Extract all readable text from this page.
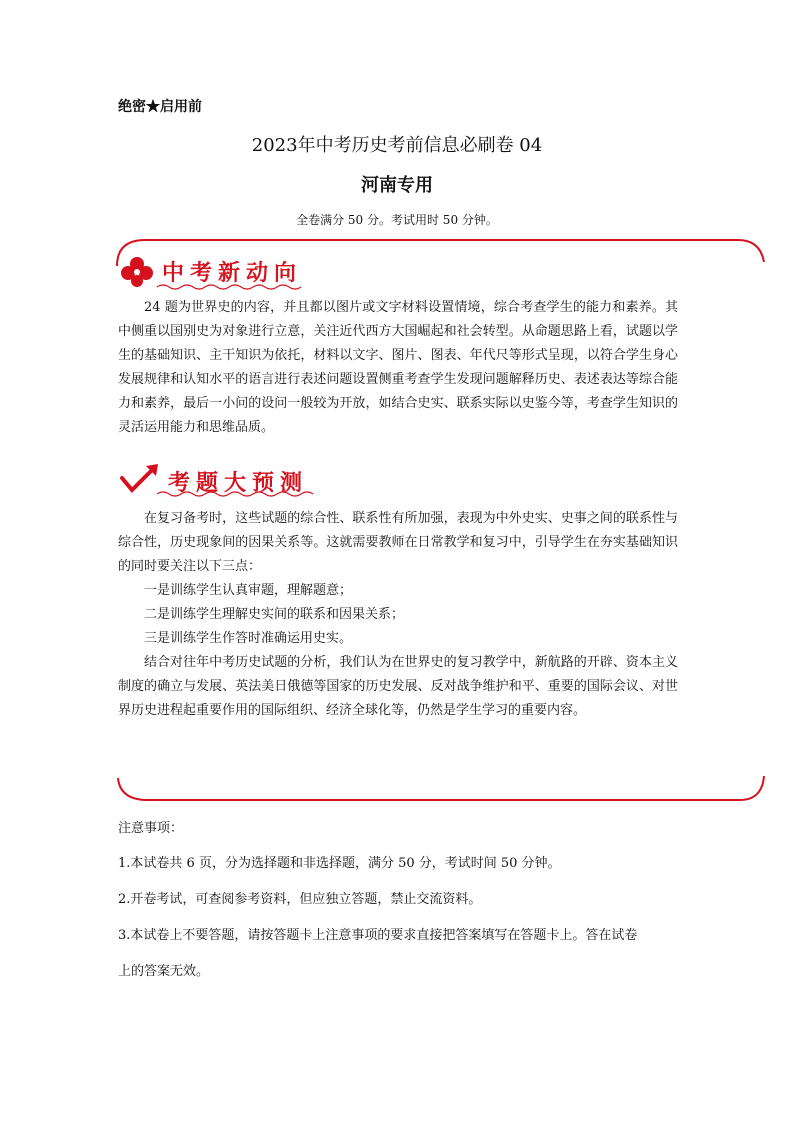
绝密★启用前
2023年中考历史考前信息必刷卷 04
河南专用
全卷满分 50 分。考试用时 50 分钟。
中考新动向

24 题为世界史的内容，并且都以图片或文字材料设置情境，综合考查学生的能力和素养。其中侧重以国别史为对象进行立意，关注近代西方大国崛起和社会转型。从命题思路上看，试题以学生的基础知识、主干知识为依托，材料以文字、图片、图表、年代尺等形式呈现，以符合学生身心发展规律和认知水平的语言进行表述问题设置侧重考查学生发现问题解释历史、表述表达等综合能力和素养，最后一小问的设问一般较为开放，如结合史实、联系实际以史鉴今等，考查学生知识的灵活运用能力和思维品质。

考题大预测

在复习备考时，这些试题的综合性、联系性有所加强，表现为中外史实、史事之间的联系性与综合性，历史现象间的因果关系等。这就需要教师在日常教学和复习中，引导学生在夯实基础知识的同时要关注以下三点：

一是训练学生认真审题，理解题意；

二是训练学生理解史实间的联系和因果关系；

三是训练学生作答时准确运用史实。

结合对往年中考历史试题的分析，我们认为在世界史的复习教学中，新航路的开辟、资本主义制度的确立与发展、英法美日俄德等国家的历史发展、反对战争维护和平、重要的国际会议、对世界历史进程起重要作用的国际组织、经济全球化等，仍然是学生学习的重要内容。

注意事项：
1.本试卷共 6 页，分为选择题和非选择题，满分 50 分，考试时间 50 分钟。
2.开卷考试，可查阅参考资料，但应独立答题，禁止交流资料。
3.本试卷上不要答题，请按答题卡上注意事项的要求直接把答案填写在答题卡上。答在试卷
上的答案无效。
